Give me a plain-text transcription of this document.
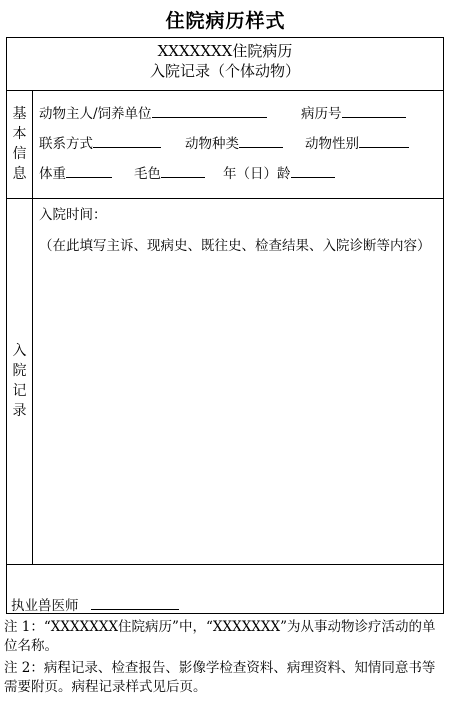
住院病历样式
XXXXXXX住院病历
入院记录（个体动物）
基
本
信
息
动物主人/饲养单位	病历号
联系方式	动物种类	动物性别
体重	毛色	年（日）龄
入
院
记
录
入院时间：
（在此填写主诉、现病史、既往史、检查结果、入院诊断等内容）
执业兽医师
注 1：“XXXXXXX住院病历”中，“XXXXXXX”为从事动物诊疗活动的单位名称。
注 2：病程记录、检查报告、影像学检查资料、病理资料、知情同意书等需要附页。病程记录样式见后页。
